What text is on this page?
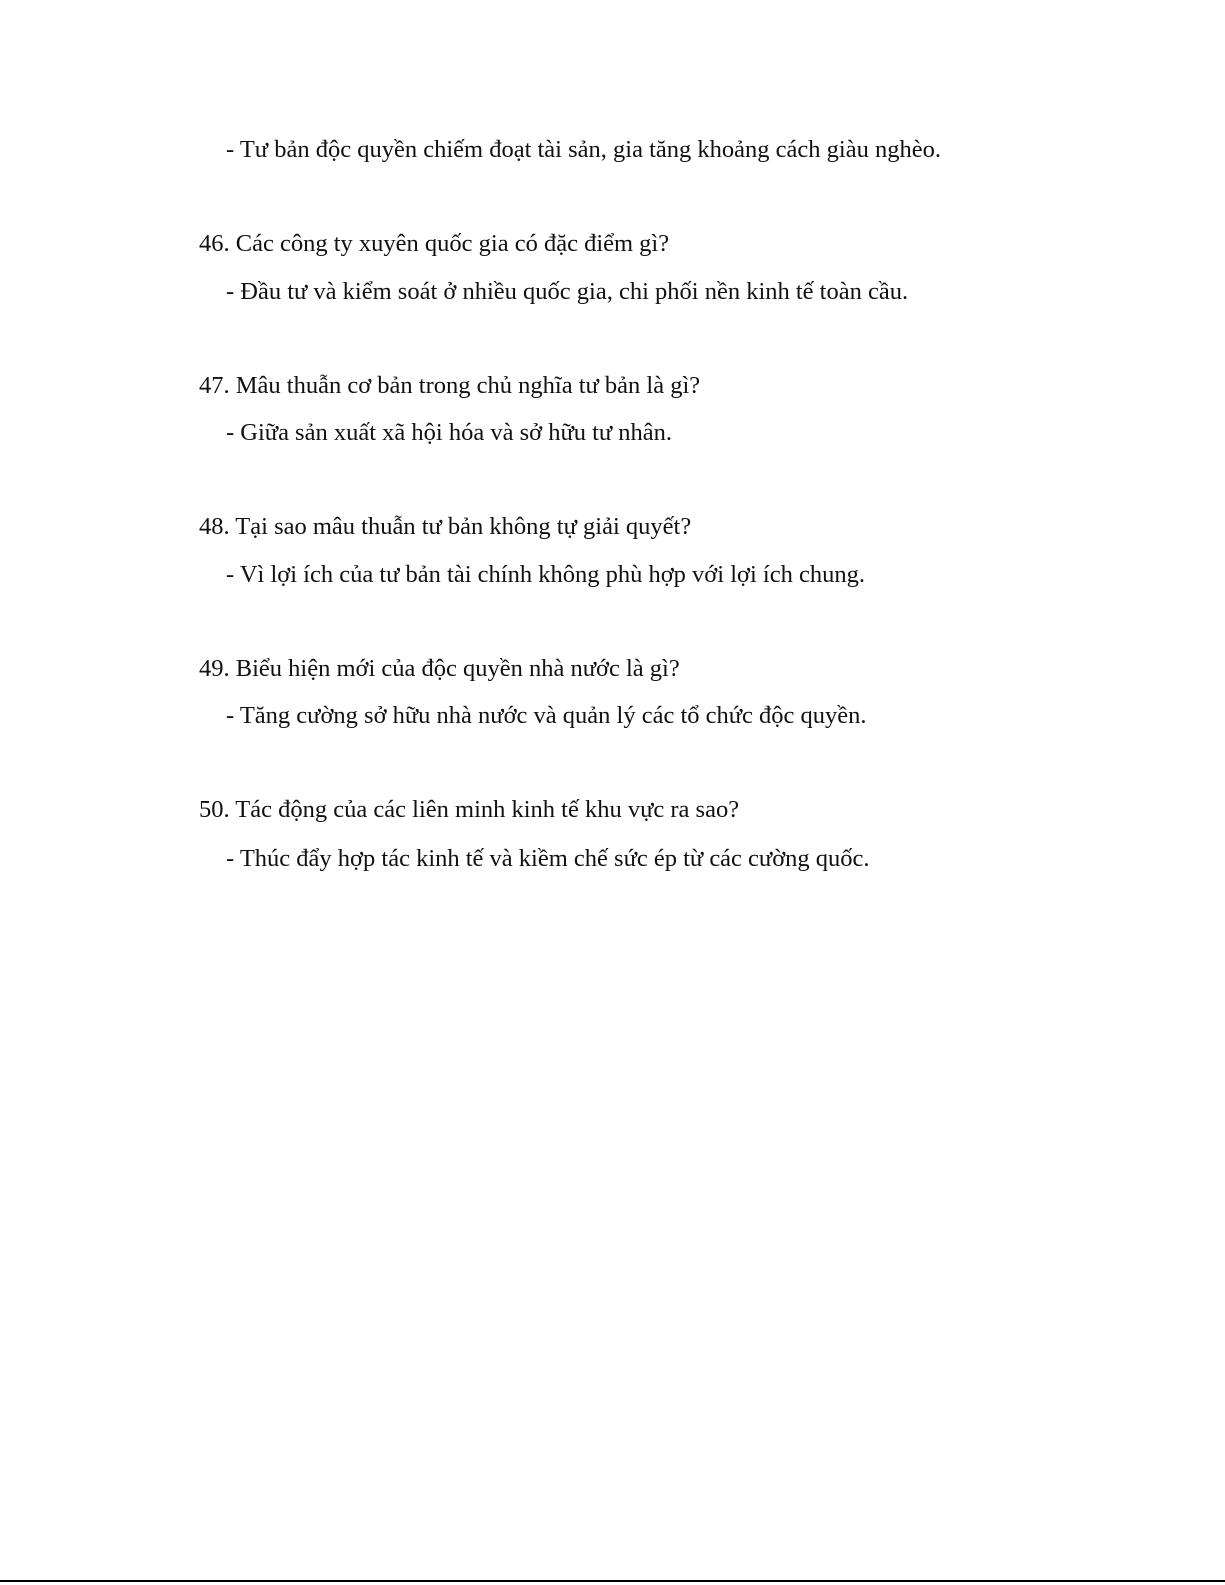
- Tư bản độc quyền chiếm đoạt tài sản, gia tăng khoảng cách giàu nghèo.

46. Các công ty xuyên quốc gia có đặc điểm gì?

- Đầu tư và kiểm soát ở nhiều quốc gia, chi phối nền kinh tế toàn cầu.

47. Mâu thuẫn cơ bản trong chủ nghĩa tư bản là gì?

- Giữa sản xuất xã hội hóa và sở hữu tư nhân.

48. Tại sao mâu thuẫn tư bản không tự giải quyết?

- Vì lợi ích của tư bản tài chính không phù hợp với lợi ích chung.

49. Biểu hiện mới của độc quyền nhà nước là gì?

- Tăng cường sở hữu nhà nước và quản lý các tổ chức độc quyền.

50. Tác động của các liên minh kinh tế khu vực ra sao?

- Thúc đẩy hợp tác kinh tế và kiềm chế sức ép từ các cường quốc.
